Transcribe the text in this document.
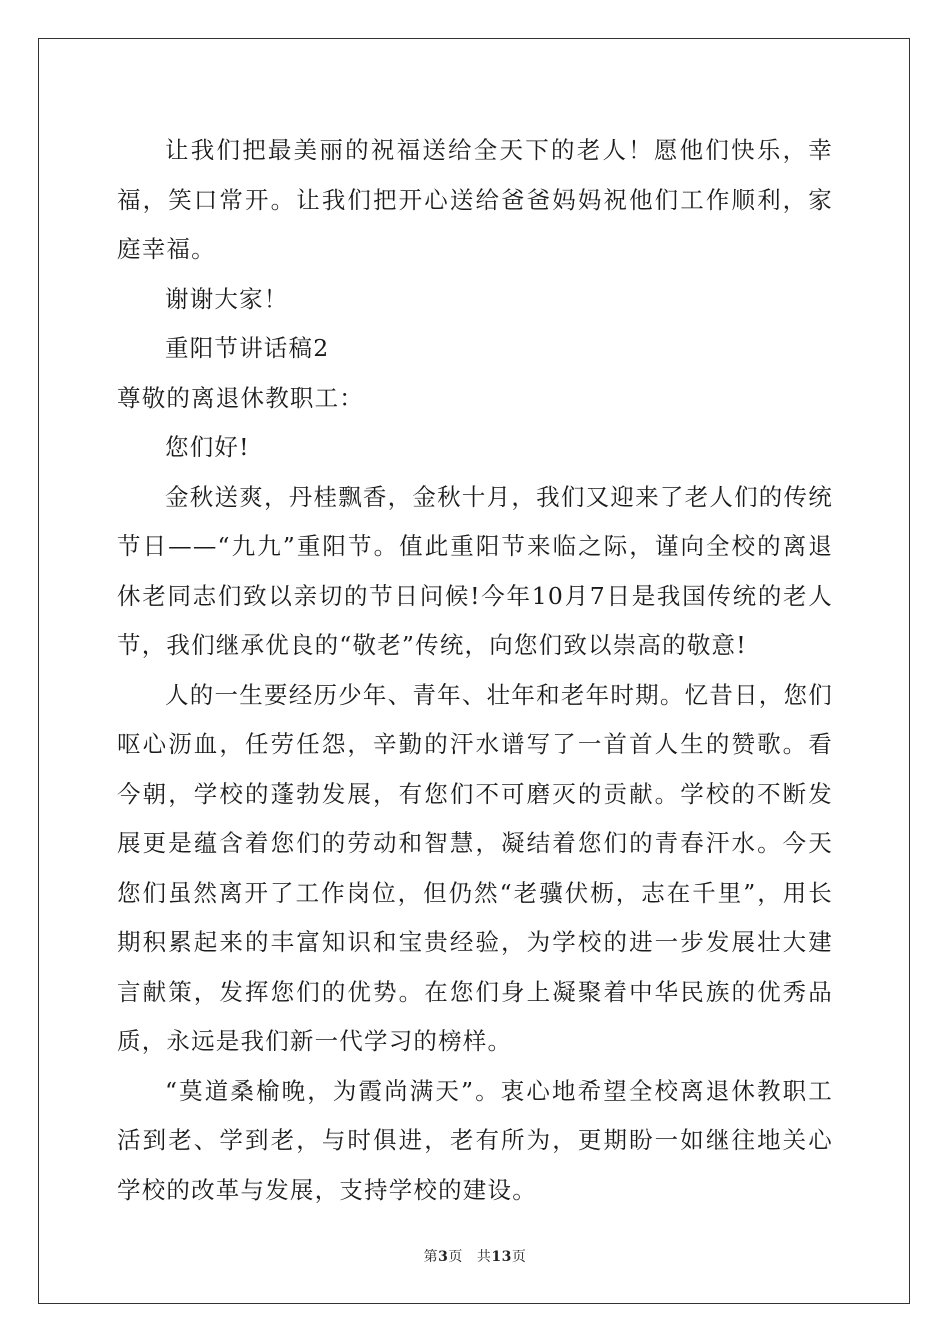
让我们把最美丽的祝福送给全天下的老人！愿他们快乐，幸福，笑口常开。让我们把开心送给爸爸妈妈祝他们工作顺利，家庭幸福。

谢谢大家！

重阳节讲话稿2

尊敬的离退休教职工：

您们好!

金秋送爽，丹桂飘香，金秋十月，我们又迎来了老人们的传统节日——“九九”重阳节。值此重阳节来临之际，谨向全校的离退休老同志们致以亲切的节日问候!今年10月7日是我国传统的老人节，我们继承优良的“敬老”传统，向您们致以崇高的敬意!

人的一生要经历少年、青年、壮年和老年时期。忆昔日，您们呕心沥血，任劳任怨，辛勤的汗水谱写了一首首人生的赞歌。看今朝，学校的蓬勃发展，有您们不可磨灭的贡献。学校的不断发展更是蕴含着您们的劳动和智慧，凝结着您们的青春汗水。今天您们虽然离开了工作岗位，但仍然“老骥伏枥，志在千里”，用长期积累起来的丰富知识和宝贵经验，为学校的进一步发展壮大建言献策，发挥您们的优势。在您们身上凝聚着中华民族的优秀品质，永远是我们新一代学习的榜样。

“莫道桑榆晚，为霞尚满天”。衷心地希望全校离退休教职工活到老、学到老，与时俱进，老有所为，更期盼一如继往地关心学校的改革与发展，支持学校的建设。

第3页 共13页
